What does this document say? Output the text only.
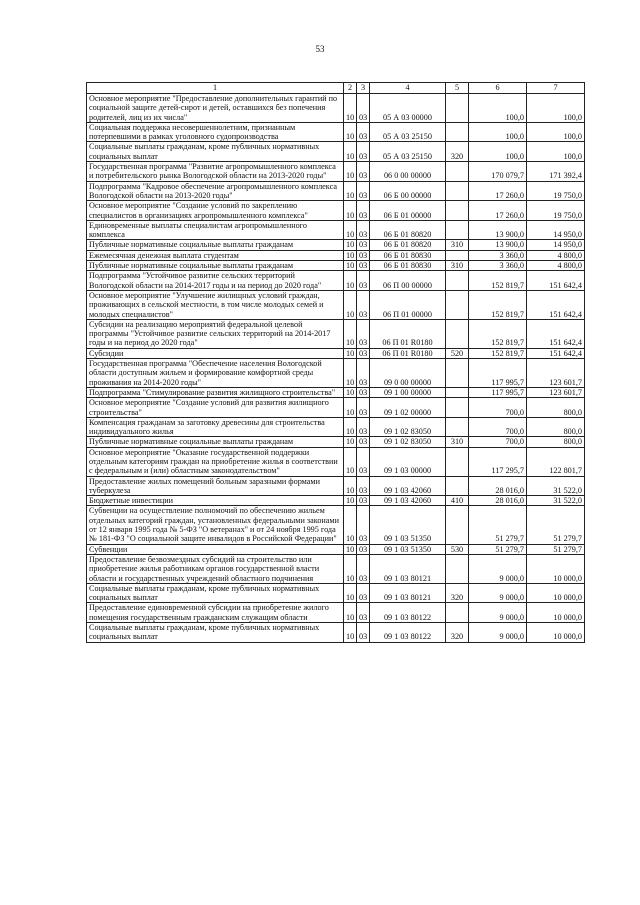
53
1	2	3	4	5	6	7
Основное мероприятие "Предоставление дополнительных гарантий по социальной защите детей-сирот и детей, оставшихся без попечения родителей, лиц из их числа"	10	03	05 А 03 00000		100,0	100,0
Социальная поддержка несовершеннолетним, признанным потерпевшими в рамках уголовного судопроизводства	10	03	05 А 03 25150		100,0	100,0
Социальные выплаты гражданам, кроме публичных нормативных социальных выплат	10	03	05 А 03 25150	320	100,0	100,0
Государственная программа "Развитие агропромышленного комплекса и потребительского рынка Вологодской области на 2013-2020 годы"	10	03	06 0 00 00000		170 079,7	171 392,4
Подпрограмма "Кадровое обеспечение агропромышленного комплекса Вологодской области на 2013-2020 годы"	10	03	06 Б 00 00000		17 260,0	19 750,0
Основное мероприятие "Создание условий по закреплению специалистов в организациях агропромышленного комплекса"	10	03	06 Б 01 00000		17 260,0	19 750,0
Единовременные выплаты специалистам агропромышленного комплекса	10	03	06 Б 01 80820		13 900,0	14 950,0
Публичные нормативные социальные выплаты гражданам	10	03	06 Б 01 80820	310	13 900,0	14 950,0
Ежемесячная денежная выплата студентам	10	03	06 Б 01 80830		3 360,0	4 800,0
Публичные нормативные социальные выплаты гражданам	10	03	06 Б 01 80830	310	3 360,0	4 800,0
Подпрограмма "Устойчивое развитие сельских территорий Вологодской области на 2014-2017 годы и на период до 2020 года"	10	03	06 П 00 00000		152 819,7	151 642,4
Основное мероприятие "Улучшение жилищных условий граждан, проживающих в сельской местности, в том числе молодых семей и молодых специалистов"	10	03	06 П 01 00000		152 819,7	151 642,4
Субсидии на реализацию мероприятий федеральной целевой программы "Устойчивое развитие сельских территорий на 2014-2017 годы и на период до 2020 года"	10	03	06 П 01 R0180		152 819,7	151 642,4
Субсидии	10	03	06 П 01 R0180	520	152 819,7	151 642,4
Государственная программа "Обеспечение населения Вологодской области доступным жильем и формирование комфортной среды проживания на 2014-2020 годы"	10	03	09 0 00 00000		117 995,7	123 601,7
Подпрограмма "Стимулирование развития жилищного строительства"	10	03	09 1 00 00000		117 995,7	123 601,7
Основное мероприятие "Создание условий для развития жилищного строительства"	10	03	09 1 02 00000		700,0	800,0
Компенсация гражданам за заготовку древесины для строительства индивидуального жилья	10	03	09 1 02 83050		700,0	800,0
Публичные нормативные социальные выплаты гражданам	10	03	09 1 02 83050	310	700,0	800,0
Основное мероприятие "Оказание государственной поддержки отдельным категориям граждан на приобретение жилья в соответствии с федеральным и (или) областным законодательством"	10	03	09 1 03 00000		117 295,7	122 801,7
Предоставление жилых помещений больным заразными формами туберкулеза	10	03	09 1 03 42060		28 016,0	31 522,0
Бюджетные инвестиции	10	03	09 1 03 42060	410	28 016,0	31 522,0
Субвенции на осуществление полномочий по обеспечению жильем отдельных категорий граждан, установленных федеральными законами от 12 января 1995 года № 5-ФЗ "О ветеранах" и от 24 ноября 1995 года № 181-ФЗ "О социальной защите инвалидов в Российской Федерации"	10	03	09 1 03 51350		51 279,7	51 279,7
Субвенции	10	03	09 1 03 51350	530	51 279,7	51 279,7
Предоставление безвозмездных субсидий на строительство или приобретение жилья работникам органов государственной власти области и государственных учреждений областного подчинения	10	03	09 1 03 80121		9 000,0	10 000,0
Социальные выплаты гражданам, кроме публичных нормативных социальных выплат	10	03	09 1 03 80121	320	9 000,0	10 000,0
Предоставление единовременной субсидии на приобретение жилого помещения государственным гражданским служащим области	10	03	09 1 03 80122		9 000,0	10 000,0
Социальные выплаты гражданам, кроме публичных нормативных социальных выплат	10	03	09 1 03 80122	320	9 000,0	10 000,0
